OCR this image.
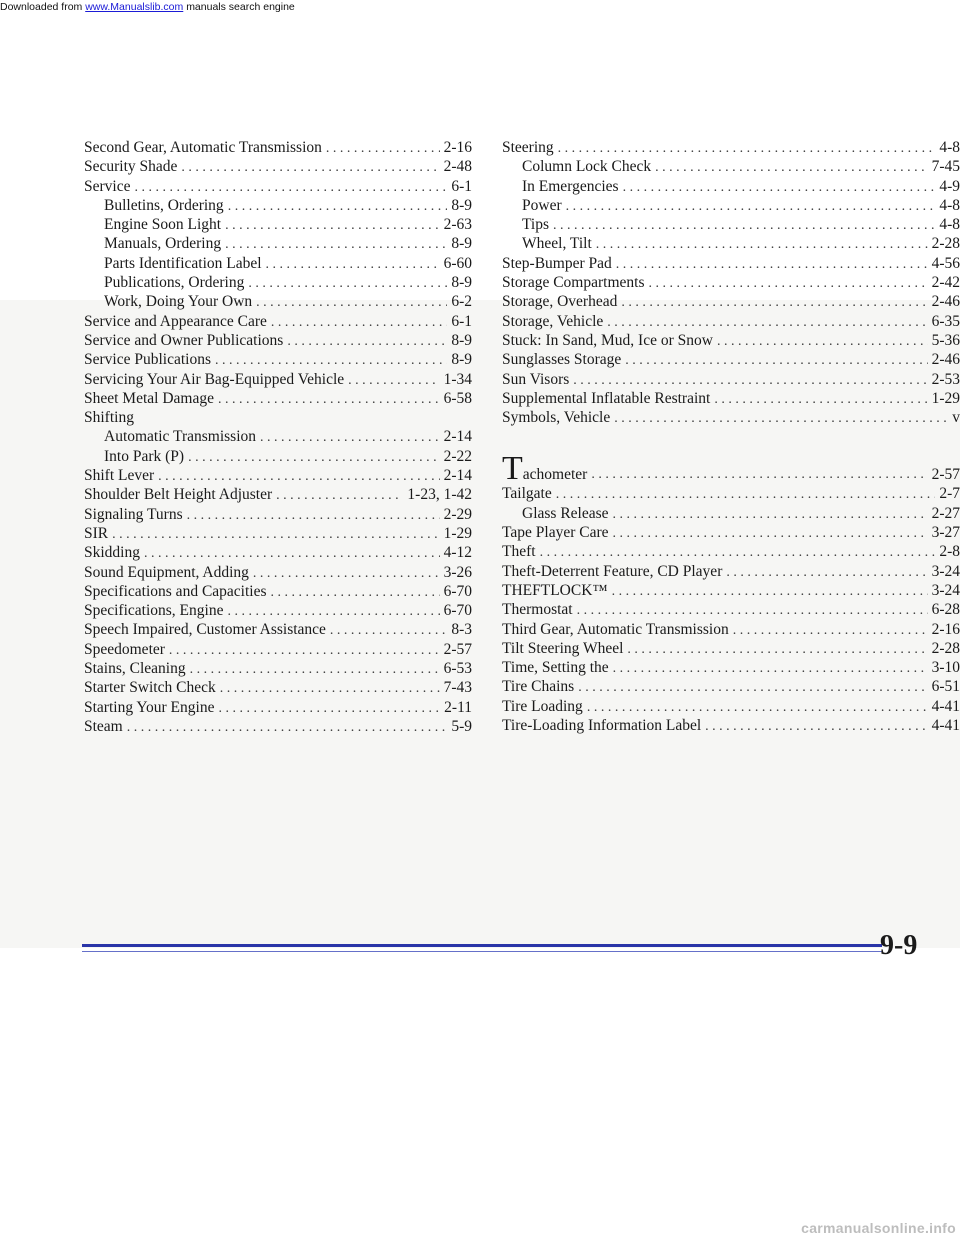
Downloaded from www.Manualslib.com manuals search engine
Second Gear, Automatic Transmission . . .	2-16
Security Shade . . .	2-48
Service . . .	6-1
Bulletins, Ordering . . .	8-9
Engine Soon Light . . .	2-63
Manuals, Ordering . . .	8-9
Parts Identification Label . . .	6-60
Publications, Ordering . . .	8-9
Work, Doing Your Own . . .	6-2
Service and Appearance Care . . .	6-1
Service and Owner Publications . . .	8-9
Service Publications . . .	8-9
Servicing Your Air Bag-Equipped Vehicle . . .	1-34
Sheet Metal Damage . . .	6-58
Shifting
Automatic Transmission . . .	2-14
Into Park (P) . . .	2-22
Shift Lever . . .	2-14
Shoulder Belt Height Adjuster . . .	1-23, 1-42
Signaling Turns . . .	2-29
SIR . . .	1-29
Skidding . . .	4-12
Sound Equipment, Adding . . .	3-26
Specifications and Capacities . . .	6-70
Specifications, Engine . . .	6-70
Speech Impaired, Customer Assistance . . .	8-3
Speedometer . . .	2-57
Stains, Cleaning . . .	6-53
Starter Switch Check . . .	7-43
Starting Your Engine . . .	2-11
Steam . . .	5-9
Steering . . .	4-8
Column Lock Check . . .	7-45
In Emergencies . . .	4-9
Power . . .	4-8
Tips . . .	4-8
Wheel, Tilt . . .	2-28
Step-Bumper Pad . . .	4-56
Storage Compartments . . .	2-42
Storage, Overhead . . .	2-46
Storage, Vehicle . . .	6-35
Stuck: In Sand, Mud, Ice or Snow . . .	5-36
Sunglasses Storage . . .	2-46
Sun Visors . . .	2-53
Supplemental Inflatable Restraint . . .	1-29
Symbols, Vehicle . . .	v
Tachometer . . .	2-57
Tailgate . . .	2-7
Glass Release . . .	2-27
Tape Player Care . . .	3-27
Theft . . .	2-8
Theft-Deterrent Feature, CD Player . . .	3-24
THEFTLOCK™ . . .	3-24
Thermostat . . .	6-28
Third Gear, Automatic Transmission . . .	2-16
Tilt Steering Wheel . . .	2-28
Time, Setting the . . .	3-10
Tire Chains . . .	6-51
Tire Loading . . .	4-41
Tire-Loading Information Label . . .	4-41
9-9
carmanualsonline.info
